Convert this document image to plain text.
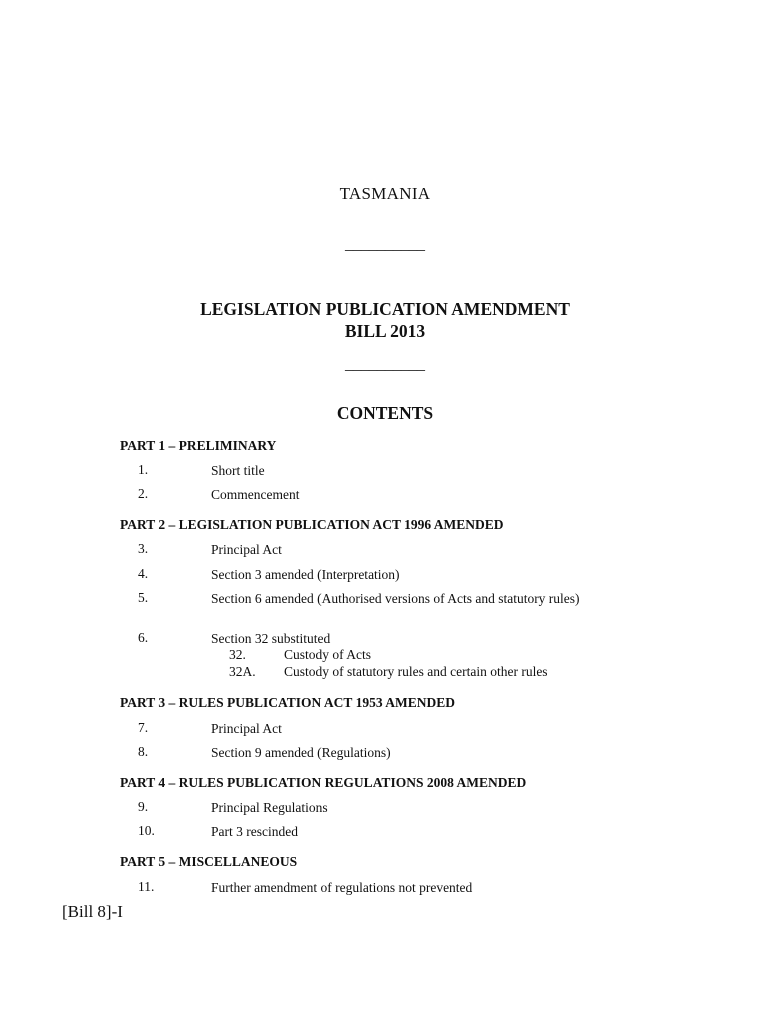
TASMANIA
__________
LEGISLATION PUBLICATION AMENDMENT
BILL 2013
__________
CONTENTS
PART 1 – PRELIMINARY
1.	Short title
2.	Commencement
PART 2 – LEGISLATION PUBLICATION ACT 1996 AMENDED
3.	Principal Act
4.	Section 3 amended (Interpretation)
5.	Section 6 amended (Authorised versions of Acts and statutory rules)
6.	Section 32 substituted
32.	Custody of Acts
32A. Custody of statutory rules and certain other rules
PART 3 – RULES PUBLICATION ACT 1953 AMENDED
7.	Principal Act
8.	Section 9 amended (Regulations)
PART 4 – RULES PUBLICATION REGULATIONS 2008 AMENDED
9.	Principal Regulations
10.	Part 3 rescinded
PART 5 – MISCELLANEOUS
11.	Further amendment of regulations not prevented
[Bill 8]-I
